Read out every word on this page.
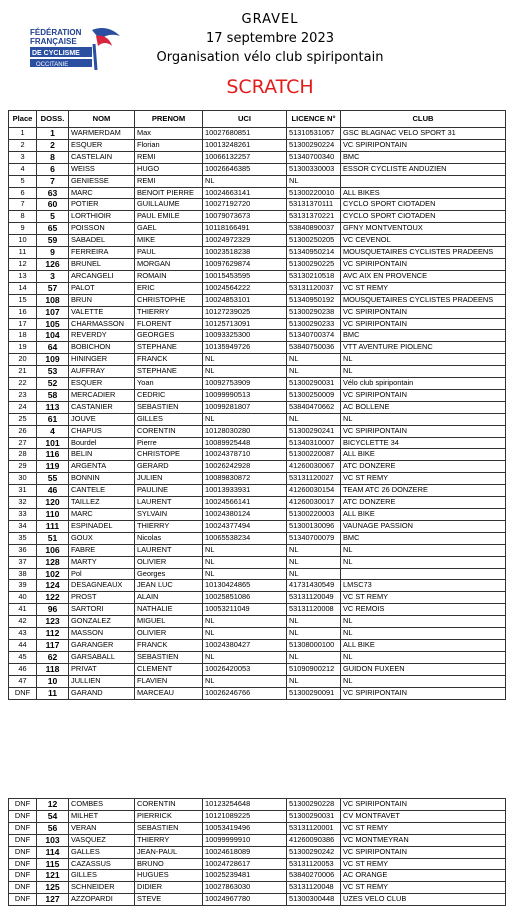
FÉDÉRATION
FRANÇAISE
DE CYCLISME
OCCITANIE
GRAVEL
17 septembre 2023
Organisation vélo club spiripontain
SCRATCH
Place	DOSS.	NOM	PRENOM	UCI	LICENCE N°	CLUB
1	1	WARMERDAM	Max	10027680851	51310531057	GSC BLAGNAC VELO SPORT 31
2	2	ESQUER	Florian	10013248261	51300290224	VC SPIRIPONTAIN
3	8	CASTELAIN	REMI	10066132257	51340700340	BMC
4	6	WEISS	HUGO	10026646385	51300330003	ESSOR CYCLISTE ANDUZIEN
5	7	GENIESSE	REMI	NL	NL	
6	63	MARC	BENOIT PIERRE	10024663141	51300220010	ALL BIKES
7	60	POTIER	GUILLAUME	10027192720	53131370111	CYCLO SPORT CIOTADEN
8	5	LORTHIOIR	PAUL EMILE	10079073673	53131370221	CYCLO SPORT CIOTADEN
9	65	POISSON	GAEL	10118166491	53840890037	GFNY MONTVENTOUX
10	59	SABADEL	MIKE	10024972329	51300250205	VC CEVENOL
11	9	FERREIRA	PAUL	10023518238	51340950214	MOUSQUETAIRES CYCLISTES PRADEENS
12	126	BRUNEL	MORGAN	10097629874	51300290225	VC SPIRIPONTAIN
13	3	ARCANGELI	ROMAIN	10015453595	53130210518	AVC AIX EN PROVENCE
14	57	PALOT	ERIC	10024564222	53131120037	VC ST REMY
15	108	BRUN	CHRISTOPHE	10024853101	51340950192	MOUSQUETAIRES CYCLISTES PRADEENS
16	107	VALETTE	THIERRY	10127239025	51300290238	VC SPIRIPONTAIN
17	105	CHARMASSON	FLORENT	10125713091	51300290233	VC SPIRIPONTAIN
18	104	REVERDY	GEORGES	10093325300	51340700374	BMC
19	64	BOBICHON	STEPHANE	10135949726	53840750036	VTT AVENTURE PIOLENC
20	109	HININGER	FRANCK	NL	NL	NL
21	53	AUFFRAY	STEPHANE	NL	NL	NL
22	52	ESQUER	Yoan	10092753909	51300290031	Vélo club spiripontain
23	58	MERCADIER	CEDRIC	10099990513	51300250009	VC SPIRIPONTAIN
24	113	CASTANIER	SEBASTIEN	10099281807	53840470662	AC BOLLENE
25	61	JOUVE	GILLES	NL	NL	NL
26	4	CHAPUS	CORENTIN	10128030280	51300290241	VC SPIRIPONTAIN
27	101	Bourdel	Pierre	10089925448	51340310007	BICYCLETTE 34
28	116	BELIN	CHRISTOPE	10024378710	51300220087	ALL BIKE
29	119	ARGENTA	GERARD	10026242928	41260030067	ATC DONZERE
30	55	BONNIN	JULIEN	10089830872	53131120027	VC ST REMY
31	46	CANTELE	PAULINE	10013933931	41260030154	TEAM ATC 26 DONZERE
32	120	TAILLEZ	LAURENT	10024566141	41260030017	ATC DONZERE
33	110	MARC	SYLVAIN	10024380124	51300220003	ALL BIKE
34	111	ESPINADEL	THIERRY	10024377494	51300130096	VAUNAGE PASSION
35	51	GOUX	Nicolas	10065538234	51340700079	BMC
36	106	FABRE	LAURENT	NL	NL	NL
37	128	MARTY	OLIVIER	NL	NL	NL
38	102	Pol	Georges	NL	NL	
39	124	DESAGNEAUX	JEAN LUC	10130424865	41731430549	LMSC73
40	122	PROST	ALAIN	10025851086	53131120049	VC ST REMY
41	96	SARTORI	NATHALIE	10053211049	53131120008	VC REMOIS
42	123	GONZALEZ	MIGUEL	NL	NL	NL
43	112	MASSON	OLIVIER	NL	NL	NL
44	117	GARANGER	FRANCK	10024380427	51308000100	ALL BIKE
45	62	GARSABALL	SEBASTIEN	NL	NL	NL
46	118	PRIVAT	CLEMENT	10026420053	51090900212	GUIDON FUXEEN
47	10	JULLIEN	FLAVIEN	NL	NL	NL
DNF	11	GARAND	MARCEAU	10026246766	51300290091	VC SPIRIPONTAIN
DNF	12	COMBES	CORENTIN	10123254648	51300290228	VC SPIRIPONTAIN
DNF	54	MILHET	PIERRICK	10121089225	51300290031	CV MONTFAVET
DNF	56	VERAN	SEBASTIEN	10053419496	53131120001	VC ST REMY
DNF	103	VASQUEZ	THIERRY	10099999910	41260090386	VC MONTMEYRAN
DNF	114	GALLES	JEAN-PAUL	10024618089	51300290242	VC SPIRIPONTAIN
DNF	115	CAZASSUS	BRUNO	10024728617	53131120053	VC ST REMY
DNF	121	GILLES	HUGUES	10025239481	53840270006	AC ORANGE
DNF	125	SCHNEIDER	DIDIER	10027863030	53131120048	VC ST REMY
DNF	127	AZZOPARDI	STEVE	10024967780	51300300448	UZES VELO CLUB
